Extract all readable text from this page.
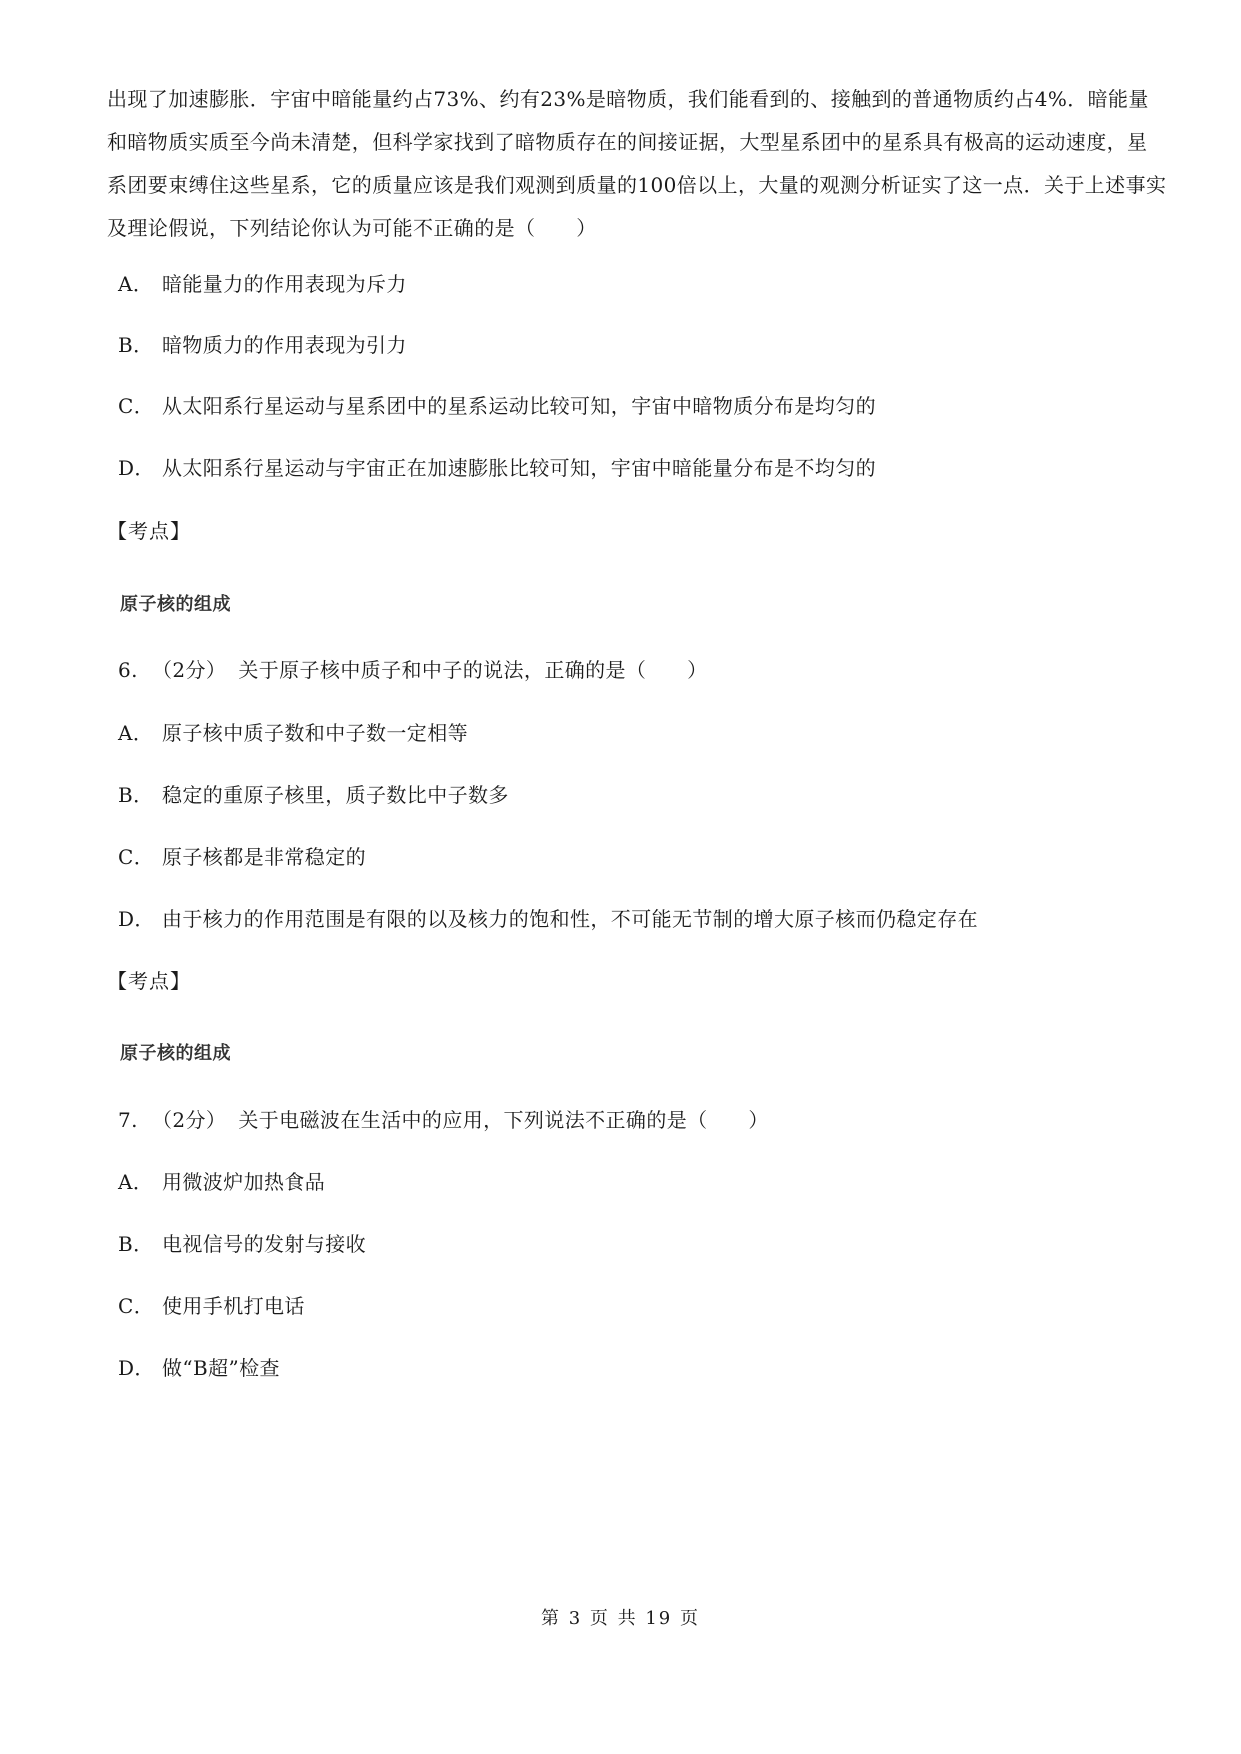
出现了加速膨胀．宇宙中暗能量约占73%、约有23%是暗物质，我们能看到的、接触到的普通物质约占4%．暗能量和暗物质实质至今尚未清楚，但科学家找到了暗物质存在的间接证据，大型星系团中的星系具有极高的运动速度，星系团要束缚住这些星系，它的质量应该是我们观测到质量的100倍以上，大量的观测分析证实了这一点．关于上述事实及理论假说，下列结论你认为可能不正确的是（　　）

A． 暗能量力的作用表现为斥力
B． 暗物质力的作用表现为引力
C． 从太阳系行星运动与星系团中的星系运动比较可知，宇宙中暗物质分布是均匀的
D． 从太阳系行星运动与宇宙正在加速膨胀比较可知，宇宙中暗能量分布是不均匀的
【考点】
原子核的组成
6. （2分） 关于原子核中质子和中子的说法，正确的是（　　）
A． 原子核中质子数和中子数一定相等
B． 稳定的重原子核里，质子数比中子数多
C． 原子核都是非常稳定的
D． 由于核力的作用范围是有限的以及核力的饱和性，不可能无节制的增大原子核而仍稳定存在
【考点】
原子核的组成
7. （2分） 关于电磁波在生活中的应用，下列说法不正确的是（　　）
A． 用微波炉加热食品
B． 电视信号的发射与接收
C． 使用手机打电话
D． 做“B超”检查
第 3 页 共 19 页
